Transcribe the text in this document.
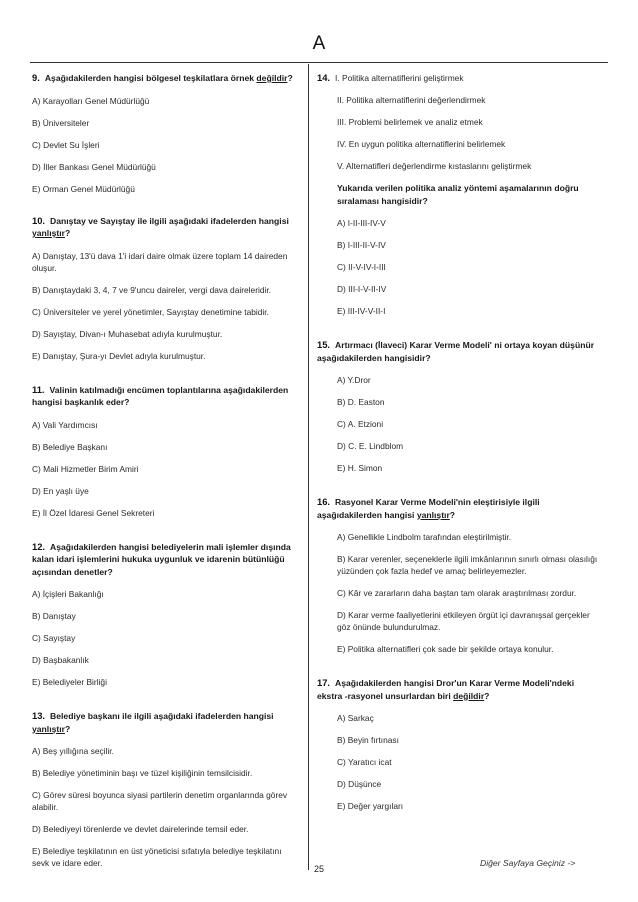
A
9. Aşağıdakilerden hangisi bölgesel teşkilatlara örnek değildir?
A) Karayolları Genel Müdürlüğü
B) Üniversiteler
C) Devlet Su İşleri
D) İller Bankası Genel Müdürlüğü
E) Orman Genel Müdürlüğü
10. Danıştay ve Sayıştay ile ilgili aşağıdaki ifadelerden hangisi yanlıştır?
A) Danıştay, 13'ü dava 1'i idari daire olmak üzere toplam 14 daireden oluşur.
B) Danıştaydaki 3, 4, 7 ve 9'uncu daireler, vergi dava daireleridir.
C) Üniversiteler ve yerel yönetimler, Sayıştay denetimine tabidir.
D) Sayıştay, Divan-ı Muhasebat adıyla kurulmuştur.
E) Danıştay, Şura-yı Devlet adıyla kurulmuştur.
11. Valinin katılmadığı encümen toplantılarına aşağıdakilerden hangisi başkanlık eder?
A) Vali Yardımcısı
B) Belediye Başkanı
C) Mali Hizmetler Birim Amiri
D) En yaşlı üye
E) İl Özel İdaresi Genel Sekreteri
12. Aşağıdakilerden hangisi belediyelerin mali işlemler dışında kalan idari işlemlerini hukuka uygunluk ve idarenin bütünlüğü açısından denetler?
A) İçişleri Bakanlığı
B) Danıştay
C) Sayıştay
D) Başbakanlık
E) Belediyeler Birliği
13. Belediye başkanı ile ilgili aşağıdaki ifadelerden hangisi yanlıştır?
A) Beş yıllığına seçilir.
B) Belediye yönetiminin başı ve tüzel kişiliğinin temsilcisidir.
C) Görev süresi boyunca siyasi partilerin denetim organlarında görev alabilir.
D) Belediyeyi törenlerde ve devlet dairelerinde temsil eder.
E) Belediye teşkilatının en üst yöneticisi sıfatıyla belediye teşkilatını sevk ve idare eder.
14. I. Politika alternatiflerini geliştirmek
II. Politika alternatiflerini değerlendirmek
III. Problemi belirlemek ve analiz etmek
IV. En uygun politika alternatiflerini belirlemek
V. Alternatifleri değerlendirme kıstaslarını geliştirmek
Yukarıda verilen politika analiz yöntemi aşamalarının doğru sıralaması hangisidir?
A) I-II-III-IV-V
B) I-III-II-V-IV
C) II-V-IV-I-III
D) III-I-V-II-IV
E) III-IV-V-II-I
15. Artırmacı (İlaveci) Karar Verme Modeli' ni ortaya koyan düşünür aşağıdakilerden hangisidir?
A) Y.Dror
B) D. Easton
C) A. Etzioni
D) C. E. Lindblom
E) H. Simon
16. Rasyonel Karar Verme Modeli'nin eleştirisiyle ilgili aşağıdakilerden hangisi yanlıştır?
A) Genellikle Lindbolm tarafından eleştirilmiştir.
B) Karar verenler, seçeneklerle ilgili imkânlarının sınırlı olması olasılığı yüzünden çok fazla hedef ve amaç belirleyemezler.
C) Kâr ve zararların daha baştan tam olarak araştırılması zordur.
D) Karar verme faaliyetlerini etkileyen örgüt içi davranışsal gerçekler göz önünde bulundurulmaz.
E) Politika alternatifleri çok sade bir şekilde ortaya konulur.
17. Aşağıdakilerden hangisi Dror'un Karar Verme Modeli'ndeki ekstra -rasyonel unsurlardan biri değildir?
A) Sarkaç
B) Beyin fırtınası
C) Yaratıcı icat
D) Düşünce
E) Değer yargıları
Diğer Sayfaya Geçiniz ->
25
